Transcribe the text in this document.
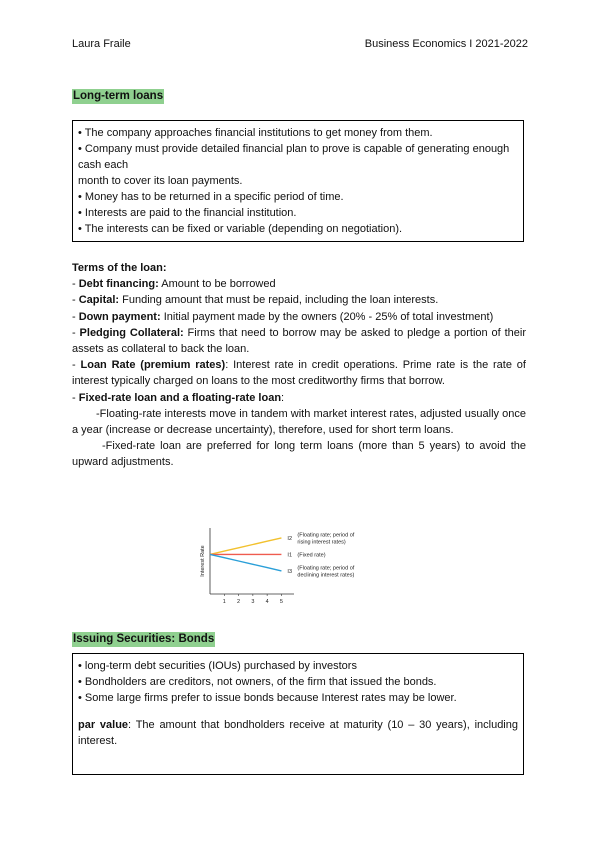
Laura Fraile	Business Economics I 2021-2022
Long-term loans

• The company approaches financial institutions to get money from them.

• Company must provide detailed financial plan to prove is capable of generating enough cash each

month to cover its loan payments.

• Money has to be returned in a specific period of time.

• Interests are paid to the financial institution.

• The interests can be fixed or variable (depending on negotiation).

Terms of the loan:

- Debt financing: Amount to be borrowed

- Capital: Funding amount that must be repaid, including the loan interests.

- Down payment: Initial payment made by the owners (20% - 25% of total investment)

- Pledging Collateral: Firms that need to borrow may be asked to pledge a portion of their assets as collateral to back the loan.

- Loan Rate (premium rates): Interest rate in credit operations. Prime rate is the rate of interest typically charged on loans to the most creditworthy firms that borrow.

- Fixed-rate loan and a floating-rate loan:

-Floating-rate interests move in tandem with market interest rates, adjusted usually once a year (increase or decrease uncertainty), therefore, used for short term loans.

-Fixed-rate loan are preferred for long term loans (more than 5 years) to avoid the upward adjustments.

Interest Rate
1 2 3 4 5
I2
(Floating rate; period of rising interest rates)
I1 (Fixed rate)
I3
(Floating rate; period of declining interest rates)
Issuing Securities: Bonds

• long-term debt securities (IOUs) purchased by investors

• Bondholders are creditors, not owners, of the firm that issued the bonds.

• Some large firms prefer to issue bonds because Interest rates may be lower.

par value: The amount that bondholders receive at maturity (10 – 30 years), including interest.
